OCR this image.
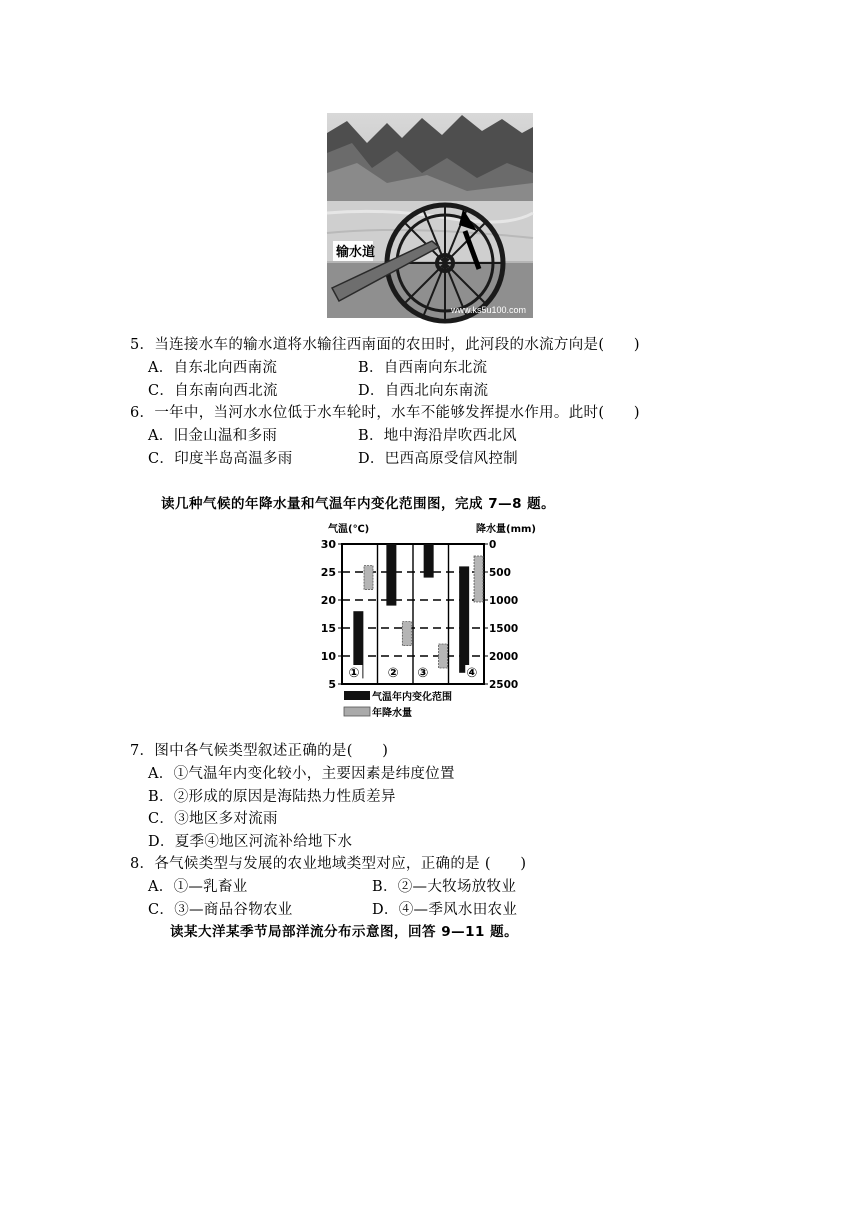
输水道
www.ks5u100.com
5．当连接水车的输水道将水输往西南面的农田时，此河段的水流方向是(　　)
A．自东北向西南流	B．自西南向东北流
C．自东南向西北流	D．自西北向东南流
6．一年中，当河水水位低于水车轮时，水车不能够发挥提水作用。此时(　　)
A．旧金山温和多雨	B．地中海沿岸吹西北风
C．印度半岛高温多雨	D．巴西高原受信风控制
读几种气候的年降水量和气温年内变化范围图，完成 7—8 题。
气温(℃)	降水量(mm)
30
25
20
15
10
5
0
500
1000
1500
2000
2500
① ② ③	④
气温年内变化范围
年降水量
7．图中各气候类型叙述正确的是(　　)
A．①气温年内变化较小，主要因素是纬度位置
B．②形成的原因是海陆热力性质差异
C．③地区多对流雨
D．夏季④地区河流补给地下水
8．各气候类型与发展的农业地域类型对应，正确的是 (　　)
A．①—乳畜业	B．②—大牧场放牧业
C．③—商品谷物农业	D．④—季风水田农业
读某大洋某季节局部洋流分布示意图，回答 9—11 题。
